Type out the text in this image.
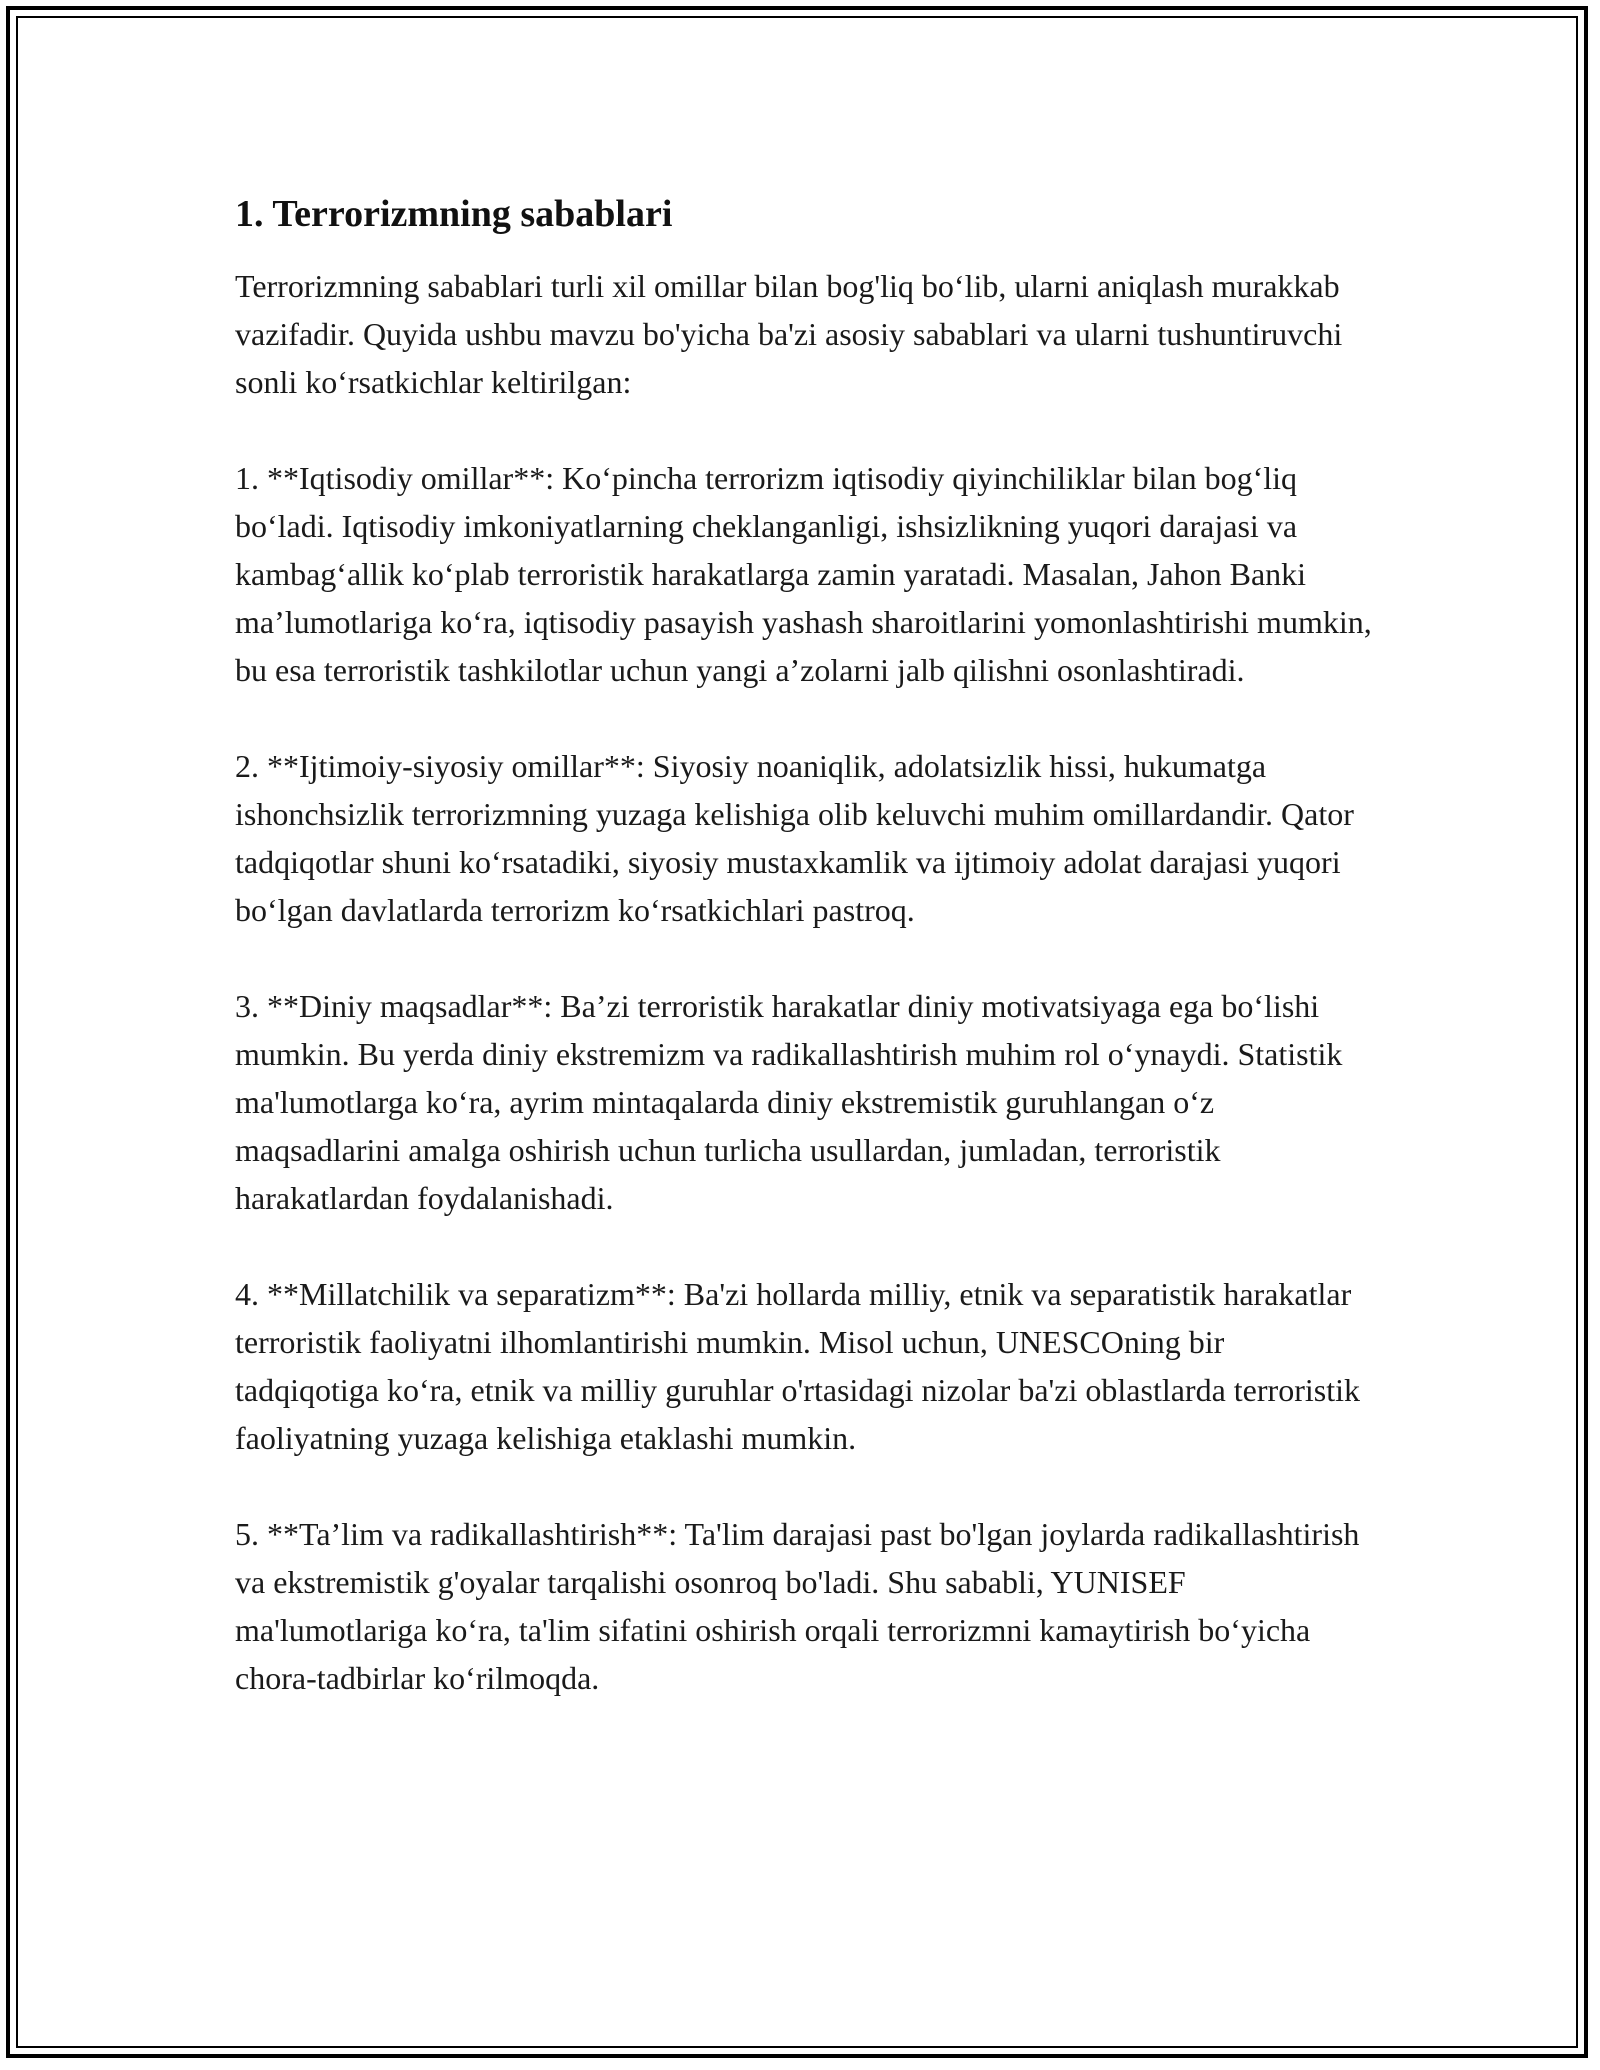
1. Terrorizmning sabablari

Terrorizmning sabablari turli xil omillar bilan bog'liq bo‘lib, ularni aniqlash murakkab vazifadir. Quyida ushbu mavzu bo'yicha ba'zi asosiy sabablari va ularni tushuntiruvchi sonli ko‘rsatkichlar keltirilgan:

1. **Iqtisodiy omillar**: Ko‘pincha terrorizm iqtisodiy qiyinchiliklar bilan bog‘liq bo‘ladi. Iqtisodiy imkoniyatlarning cheklanganligi, ishsizlikning yuqori darajasi va kambag‘allik ko‘plab terroristik harakatlarga zamin yaratadi. Masalan, Jahon Banki ma’lumotlariga ko‘ra, iqtisodiy pasayish yashash sharoitlarini yomonlashtirishi mumkin, bu esa terroristik tashkilotlar uchun yangi a’zolarni jalb qilishni osonlashtiradi.

2. **Ijtimoiy-siyosiy omillar**: Siyosiy noaniqlik, adolatsizlik hissi, hukumatga ishonchsizlik terrorizmning yuzaga kelishiga olib keluvchi muhim omillardandir. Qator tadqiqotlar shuni ko‘rsatadiki, siyosiy mustaxkamlik va ijtimoiy adolat darajasi yuqori bo‘lgan davlatlarda terrorizm ko‘rsatkichlari pastroq.

3. **Diniy maqsadlar**: Ba’zi terroristik harakatlar diniy motivatsiyaga ega bo‘lishi mumkin. Bu yerda diniy ekstremizm va radikallashtirish muhim rol o‘ynaydi. Statistik ma'lumotlarga ko‘ra, ayrim mintaqalarda diniy ekstremistik guruhlangan o‘z maqsadlarini amalga oshirish uchun turlicha usullardan, jumladan, terroristik harakatlardan foydalanishadi.

4. **Millatchilik va separatizm**: Ba'zi hollarda milliy, etnik va separatistik harakatlar terroristik faoliyatni ilhomlantirishi mumkin. Misol uchun, UNESCOning bir tadqiqotiga ko‘ra, etnik va milliy guruhlar o'rtasidagi nizolar ba'zi oblastlarda terroristik faoliyatning yuzaga kelishiga etaklashi mumkin.

5. **Ta’lim va radikallashtirish**: Ta'lim darajasi past bo'lgan joylarda radikallashtirish va ekstremistik g'oyalar tarqalishi osonroq bo'ladi. Shu sababli, YUNISEF ma'lumotlariga ko‘ra, ta'lim sifatini oshirish orqali terrorizmni kamaytirish bo‘yicha chora-tadbirlar ko‘rilmoqda.
